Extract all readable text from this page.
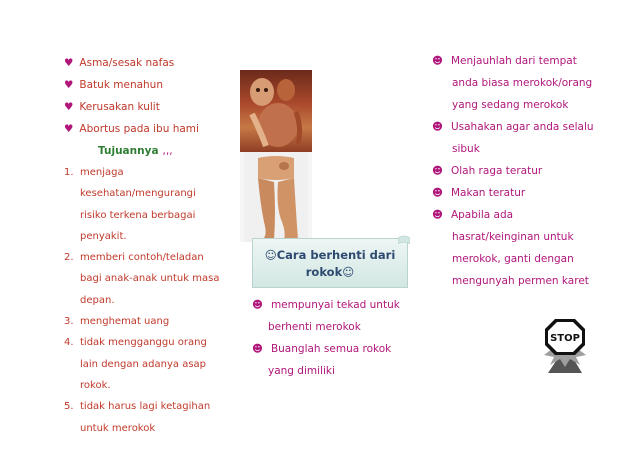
♥ Asma/sesak nafas
♥ Batuk menahun
♥ Kerusakan kulit
♥ Abortus pada ibu hami
Tujuannya ,,,
1. menjaga
kesehatan/mengurangi
risiko terkena berbagai
penyakit.
2. memberi contoh/teladan
bagi anak-anak untuk masa
depan.
3. menghemat uang
4. tidak mengganggu orang
lain dengan adanya asap
rokok.
5. tidak harus lagi ketagihan
untuk merokok
☺Cara berhenti dari
rokok☺
☻ mempunyai tekad untuk
berhenti merokok
☻ Buanglah semua rokok
yang dimiliki
☻ Menjauhlah dari tempat
anda biasa merokok/orang
yang sedang merokok
☻ Usahakan agar anda selalu
sibuk
☻ Olah raga teratur
☻ Makan teratur
☻ Apabila ada
hasrat/keinginan untuk
merokok, ganti dengan
mengunyah permen karet
STOP
